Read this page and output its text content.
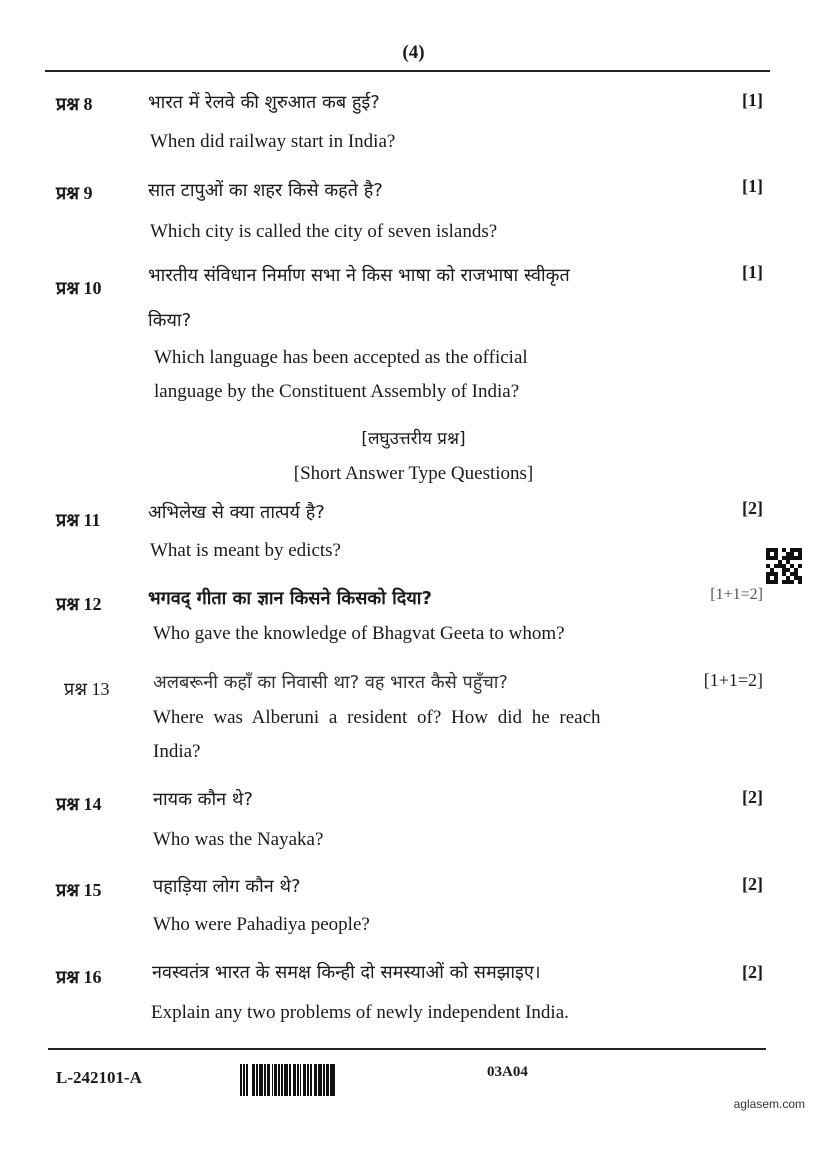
(4)
प्रश्न 8	भारत में रेलवे की शुरुआत कब हुई?	[1]
When did railway start in India?
प्रश्न 9	सात टापुओं का शहर किसे कहते है?	[1]
Which city is called the city of seven islands?
प्रश्न 10
भारतीय संविधान निर्माण सभा ने किस भाषा को राजभाषा स्वीकृत	[1]
किया?
Which language has been accepted as the official
language by the Constituent Assembly of India?
[लघुउत्तरीय प्रश्न]
[Short Answer Type Questions]
प्रश्न 11	अभिलेख से क्या तात्पर्य है?	[2]
What is meant by edicts?
प्रश्न 12	भगवद् गीता का ज्ञान किसने किसको दिया?	[1+1=2]
Who gave the knowledge of Bhagvat Geeta to whom?
प्रश्न 13 अलबरूनी कहाँ का निवासी था? वह भारत कैसे पहुँचा?	[1+1=2]
Where was Alberuni a resident of? How did he reach
India?
प्रश्न 14	नायक कौन थे?	[2]
Who was the Nayaka?
प्रश्न 15	पहाड़िया लोग कौन थे?	[2]
Who were Pahadiya people?
प्रश्न 16	नवस्वतंत्र भारत के समक्ष किन्ही दो समस्याओं को समझाइए।	[2]
Explain any two problems of newly independent India.
L-242101-A	03A04
aglasem.com
